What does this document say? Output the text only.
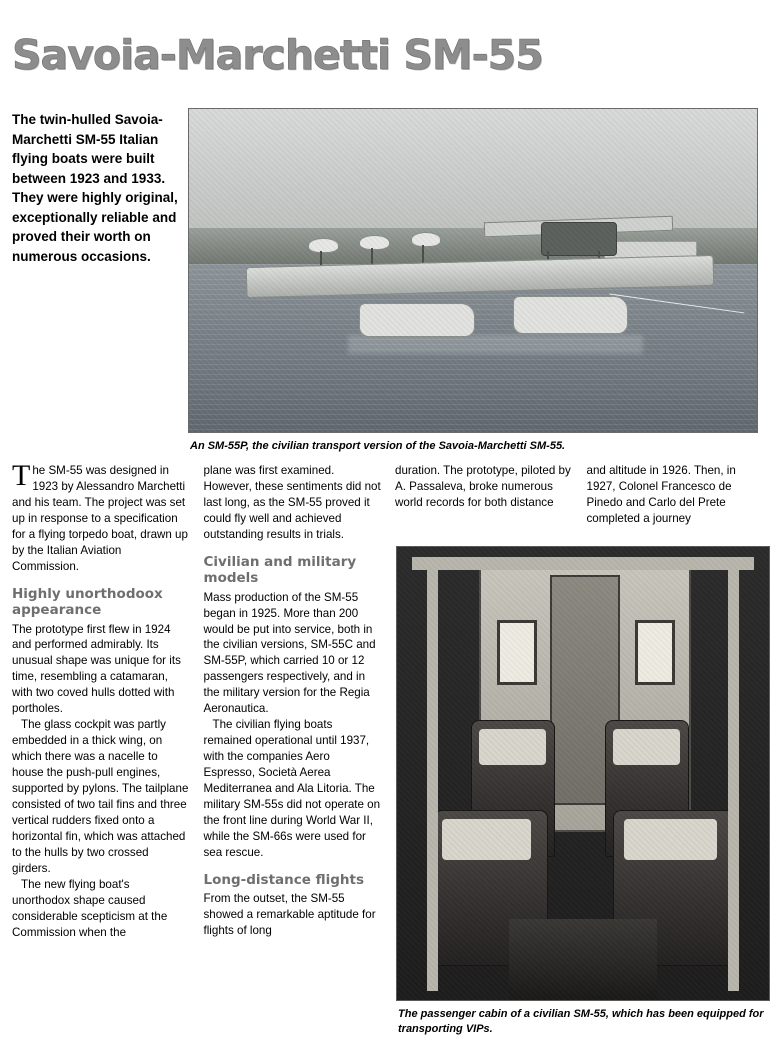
Savoia-Marchetti SM-55
The twin-hulled Savoia-Marchetti SM-55 Italian flying boats were built between 1923 and 1933. They were highly original, exceptionally reliable and proved their worth on numerous occasions.
An SM-55P, the civilian transport version of the Savoia-Marchetti SM-55.

The SM-55 was designed in 1923 by Alessandro Marchetti and his team. The project was set up in response to a specification for a flying torpedo boat, drawn up by the Italian Aviation Commission.

Highly unorthodoox appearance

The prototype first flew in 1924 and performed admirably. Its unusual shape was unique for its time, resembling a catamaran, with two coved hulls dotted with portholes.

The glass cockpit was partly embedded in a thick wing, on which there was a nacelle to house the push-pull engines, supported by pylons. The tailplane consisted of two tail fins and three vertical rudders fixed onto a horizontal fin, which was attached to the hulls by two crossed girders.

The new flying boat's unorthodox shape caused considerable scepticism at the Commission when the

plane was first examined. However, these sentiments did not last long, as the SM-55 proved it could fly well and achieved outstanding results in trials.

Civilian and military models

Mass production of the SM-55 began in 1925. More than 200 would be put into service, both in the civilian versions, SM-55C and SM-55P, which carried 10 or 12 passengers respectively, and in the military version for the Regia Aeronautica.

The civilian flying boats remained operational until 1937, with the companies Aero Espresso, Società Aerea Mediterranea and Ala Litoria. The military SM-55s did not operate on the front line during World War II, while the SM-66s were used for sea rescue.

Long-distance flights

From the outset, the SM-55 showed a remarkable aptitude for flights of long

duration. The prototype, piloted by A. Passaleva, broke numerous world records for both distance

and altitude in 1926. Then, in 1927, Colonel Francesco de Pinedo and Carlo del Prete completed a journey

The passenger cabin of a civilian SM-55, which has been equipped for transporting VIPs.
